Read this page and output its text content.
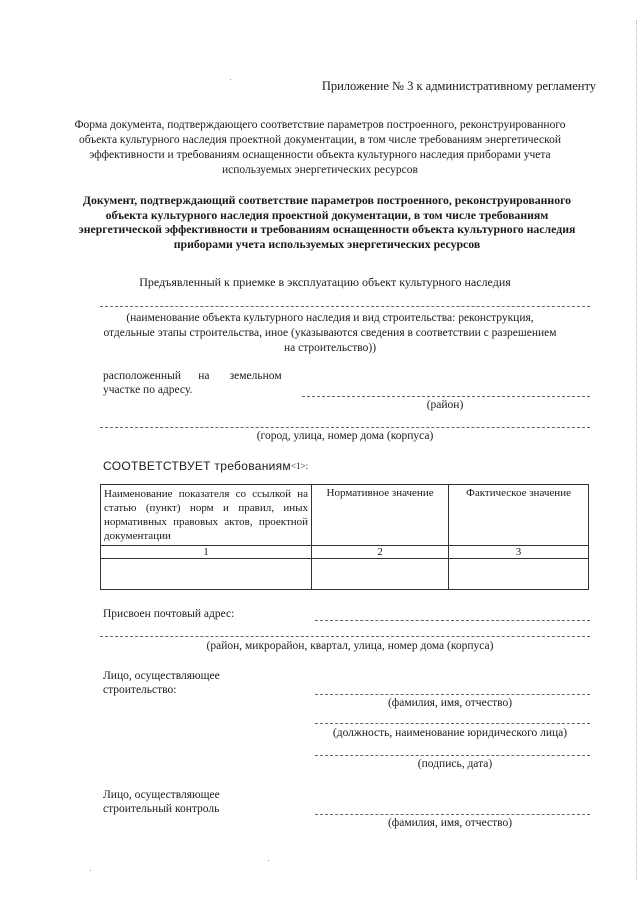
Приложение № 3 к административному регламенту
Форма документа, подтверждающего соответствие параметров построенного, реконструированного объекта культурного наследия проектной документации, в том числе требованиям энергетической эффективности и требованиям оснащенности объекта культурного наследия приборами учета используемых энергетических ресурсов
Документ, подтверждающий соответствие параметров построенного, реконструированного объекта культурного наследия проектной документации, в том числе требованиям энергетической эффективности и требованиям оснащенности объекта культурного наследия приборами учета используемых энергетических ресурсов
Предъявленный к приемке в эксплуатацию объект культурного наследия
(наименование объекта культурного наследия и вид строительства: реконструкция, отдельные этапы строительства, иное (указываются сведения в соответствии с разрешением на строительство))
расположенный      на       земельном
участке по адресу.
(район)
(город, улица, номер дома (корпуса)
СООТВЕТСТВУЕТ требованиям<1>:
Наименование показателя со ссылкой на статью (пункт) норм и правил, иных нормативных правовых актов, проектной документации	Нормативное значение	Фактическое значение
1	2	3

Присвоен почтовый адрес:
(район, микрорайон, квартал, улица, номер дома (корпуса)
Лицо, осуществляющее
строительство:
(фамилия, имя, отчество)
(должность, наименование юридического лица)
(подпись, дата)
Лицо, осуществляющее
строительный контроль
(фамилия, имя, отчество)
